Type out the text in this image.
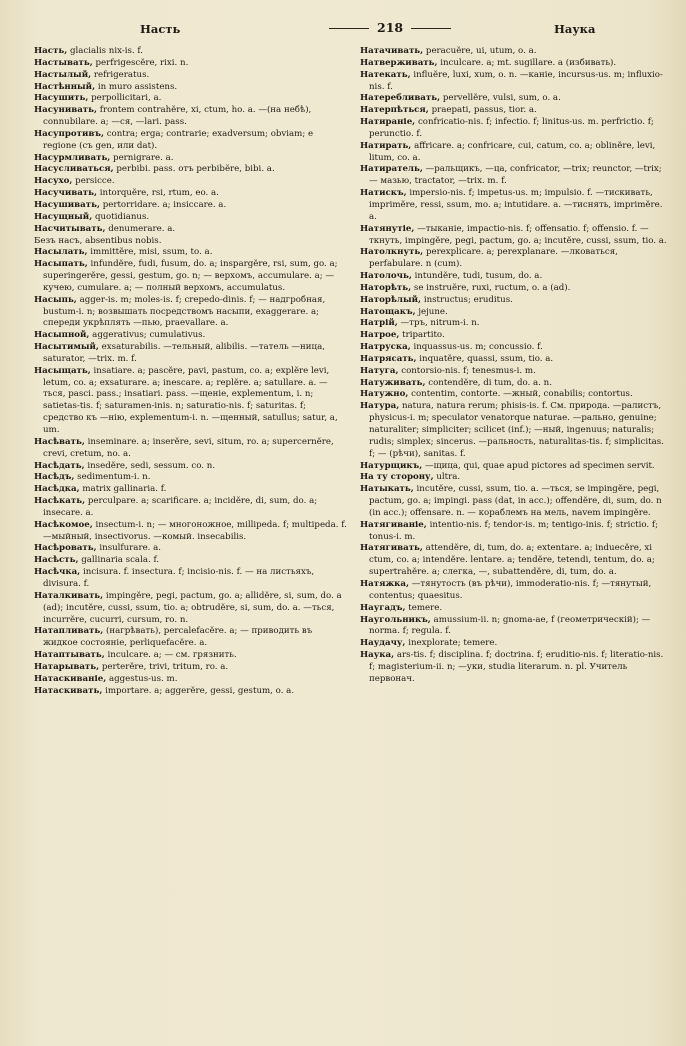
Насть	218	Наука

Насть, glacialis nix-is. f.

Настывать, perfrigescĕre, rixi. n.

Настылый, refrigeratus.

Настѣнный, in muro assistens.

Насушить, perpollicitari, a.

Насунивать, frontem contrahĕre, xi, ctum, ho. a. —(на небѣ), connubilare. a; —ся, —lari. pass.

Насупротивъ, contra; erga; contrarie; exadversum; obviam; e regione (съ gen, или dat).

Насурмливать, pernigrare. a.

Насусливаться, perbibi. pass. отъ perbibĕre, bibi. a.

Насухо, persicce.

Насучивать, intorquĕre, rsi, rtum, eo. a.

Насушивать, pertorridare. a; insiccare. a.

Насущный, quotidianus.

Насчитывать, denumerare. a.

Безъ насъ, absentibus nobis.

Насылать, immittĕre, misi, ssum, to. a.

Насыпать, infundĕre, fudi, fusum, do. a; inspargĕre, rsi, sum, go. a; superingerĕre, gessi, gestum, go. n; — верхомъ, accumulare. a; — кучею, cumulare. a; — полный верхомъ, accumulatus.

Насыпь, agger-is. m; moles-is. f; crepedo-dinis. f; — надгробная, bustum-i. n; возвышать посредствомъ насыпи, exaggerare. a; спереди укрѣплять —пью, praevallare. a.

Насыпной, aggerativus; cumulativus.

Насытимый, exsaturabilis. —тельный, alibilis. —татель —ница, saturator, —trix. m. f.

Насыщать, insatiare. a; pascĕre, pavi, pastum, co. a; explĕre levi, letum, co. a; exsaturare. a; inescare. a; replĕre. a; satullare. a. —ться, pasci. pass.; insatiari. pass. —щеніе, explementum, i. n; satietas-tis. f; saturamen-inis. n; saturatio-nis. f; saturitas. f; средство къ —нію, explementum-i. n. —щенный, satullus; satur, a, um.

Насѣвать, inseminare. a; inserĕre, sevi, situm, ro. a; supercernĕre, crevi, cretum, no. a.

Насѣдать, insedĕre, sedi, sessum. co. n.

Насѣдъ, sedimentum-i. n.

Насѣдка, matrix gallinaria. f.

Насѣкать, perculpare. a; scarificare. a; incidĕre, di, sum, do. a; insecare. a.

Насѣкомое, insectum-i. n; — многоножное, millipeda. f; multipeda. f. —мыйный, insectivorus. —комый. insecabilis.

Насѣровать, insulfurare. a.

Насѣсть, gallinaria scala. f.

Насѣчка, incisura. f. insectura. f; incisio-nis. f. — на листьяхъ, divisura. f.

Наталкивать, impingĕre, pegi, pactum, go. a; allidĕre, si, sum, do. a (ad); incutĕre, cussi, ssum, tio. a; obtrudĕre, si, sum, do. a. —ться, incurrĕre, cucurri, cursum, ro. n.

Натапливать, (нагрѣвать), percalefacĕre. a; — приводить въ жидкое состояніе, perliquefacĕre. a.

Натаптывать, inculcare. a; — см. грязнить.

Натарывать, perterĕre, trivi, tritum, ro. a.

Натаскиваніе, aggestus-us. m.

Натаскивать, importare. a; aggerĕre, gessi, gestum, o. a.

Натачивать, peracuĕre, ui, utum, o. a.

Натверживать, inculcare. a; mt. sugillare. a (избивать).

Натекать, influĕre, luxi, xum, o. n. —каніе, incursus-us. m; influxio-nis. f.

Натеребливать, pervellĕre, vulsi, sum, o. a.

Натерпѣться, praepati, passus, tior. a.

Натираніе, confricatio-nis. f; infectio. f; linitus-us. m. perfrictio. f; perunctio. f.

Натирать, affricare. a; confricare, cui, catum, co. a; oblinĕre, levi, litum, co. a.

Натиратель, —ральщикъ, —ца, confricator, —trix; reunctor, —trix; — мазью, tractator, —trix. m. f.

Натискъ, impersio-nis. f; impetus-us. m; impulsio. f. —тискивать, imprimĕre, ressi, ssum, mo. a; intutidare. a. —тиснять, imprimĕre. a.

Натянутіе, —тыканіе, impactio-nis. f; offensatio. f; offensio. f. —ткнуть, impingĕre, pegi, pactum, go. a; incutĕre, cussi, ssum, tio. a.

Натолкнуть, perexplicare. a; perexplanare. —лковаться, perfabulare. n (cum).

Натолочь, intundĕre, tudi, tusum, do. a.

Наторѣть, se instruĕre, ruxi, ructum, o. a (ad).

Наторѣлый, instructus; eruditus.

Натощакъ, jejune.

Натрій, —тръ, nitrum-i. n.

Натрое, tripartito.

Натруска, inquassus-us. m; concussio. f.

Натрясать, inquatĕre, quassi, ssum, tio. a.

Натуга, contorsio-nis. f; tenesmus-i. m.

Натуживать, contendĕre, di tum, do. a. n.

Натужно, contentim, contorte. —жный, conabilis; contortus.

Натура, natura, natura rerum; phisis-is. f. См. природа. —ралистъ, physicus-i. m; speculator venatorque naturae. —рально, genuine; naturaliter; simpliciter; scilicet (inf.); —ный, ingenuus; naturalis; rudis; simplex; sincerus. —ральность, naturalitas-tis. f; simplicitas. f; — (рѣчи), sanitas. f.

Натурщикъ, —щица, qui, quae apud pictores ad specimen servit.

На ту сторону, ultra.

Натыкать, incutĕre, cussi, ssum, tio. a. —ться, se impingĕre, pegi, pactum, go. a; impingi. pass (dat, in acc.); offendĕre, di, sum, do. n (in acc.); offensare. n. — кораблемъ на мель, navem impingĕre.

Натягиваніе, intentio-nis. f; tendor-is. m; tentigo-inis. f; strictio. f; tonus-i. m.

Натягивать, attendĕre, di, tum, do. a; extentare. a; induecĕre, xi ctum, co. a; intendĕre. lentare. a; tendĕre, tetendi, tentum, do. a; supertrahĕre. a; слегка, —, subattendĕre, di, tum, do. a.

Натяжка, —тянутость (въ рѣчи), immoderatio-nis. f; —тянутый, contentus; quaesitus.

Наугадъ, temere.

Наугольникъ, amussium-ii. n; gnoma-ae, f (геометрическій); — norma. f; regula. f.

Наудачу, inexplorate; temere.

Наука, ars-tis. f; disciplina. f; doctrina. f; eruditio-nis. f; literatio-nis. f; magisterium-ii. n; —уки, studia literarum. n. pl. Учитель первонач.
